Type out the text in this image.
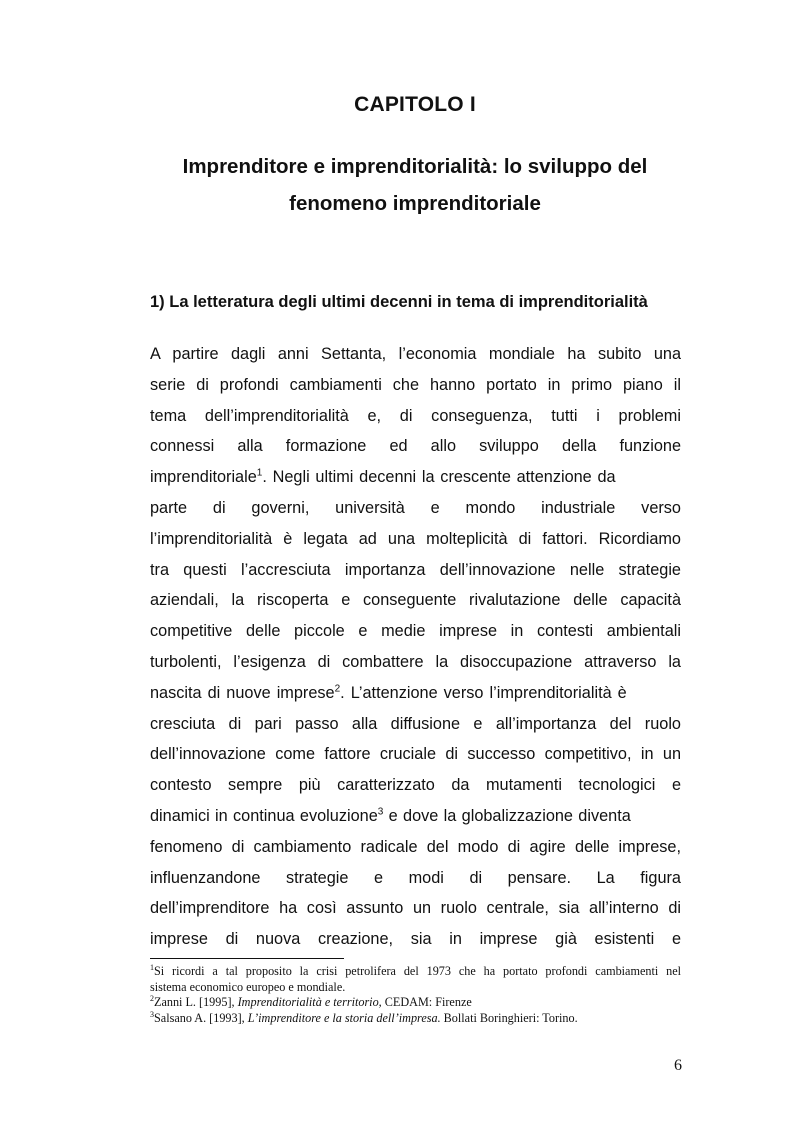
CAPITOLO I
Imprenditore e imprenditorialità: lo sviluppo del
fenomeno imprenditoriale
1) La letteratura degli ultimi decenni in tema di imprenditorialità
A partire dagli anni Settanta, l’economia mondiale ha subito una
serie di profondi cambiamenti che hanno portato in primo piano il
tema dell’imprenditorialità e, di conseguenza, tutti i problemi
connessi alla formazione ed allo sviluppo della funzione
imprenditoriale$^1$. Negli ultimi decenni la crescente attenzione da
parte di governi, università e mondo industriale verso
l’imprenditorialità è legata ad una molteplicità di fattori. Ricordiamo
tra questi l’accresciuta importanza dell’innovazione nelle strategie
aziendali, la riscoperta e conseguente rivalutazione delle capacità
competitive delle piccole e medie imprese in contesti ambientali
turbolenti, l’esigenza di combattere la disoccupazione attraverso la
nascita di nuove imprese$^2$. L’attenzione verso l’imprenditorialità è
cresciuta di pari passo alla diffusione e all’importanza del ruolo
dell’innovazione come fattore cruciale di successo competitivo, in un
contesto sempre più caratterizzato da mutamenti tecnologici e
dinamici in continua evoluzione$^3$ e dove la globalizzazione diventa
fenomeno di cambiamento radicale del modo di agire delle imprese,
influenzandone strategie e modi di pensare. La figura
dell’imprenditore ha così assunto un ruolo centrale, sia all’interno di
imprese di nuova creazione, sia in imprese già esistenti e
$^1$Si ricordi a tal proposito la crisi petrolifera del 1973 che ha portato profondi cambiamenti nel
sistema economico europeo e mondiale.
$^2$Zanni L. [1995], Imprenditorialità e territorio, CEDAM: Firenze
$^3$Salsano A. [1993], L’imprenditore e la storia dell’impresa. Bollati Boringhieri: Torino.
6
